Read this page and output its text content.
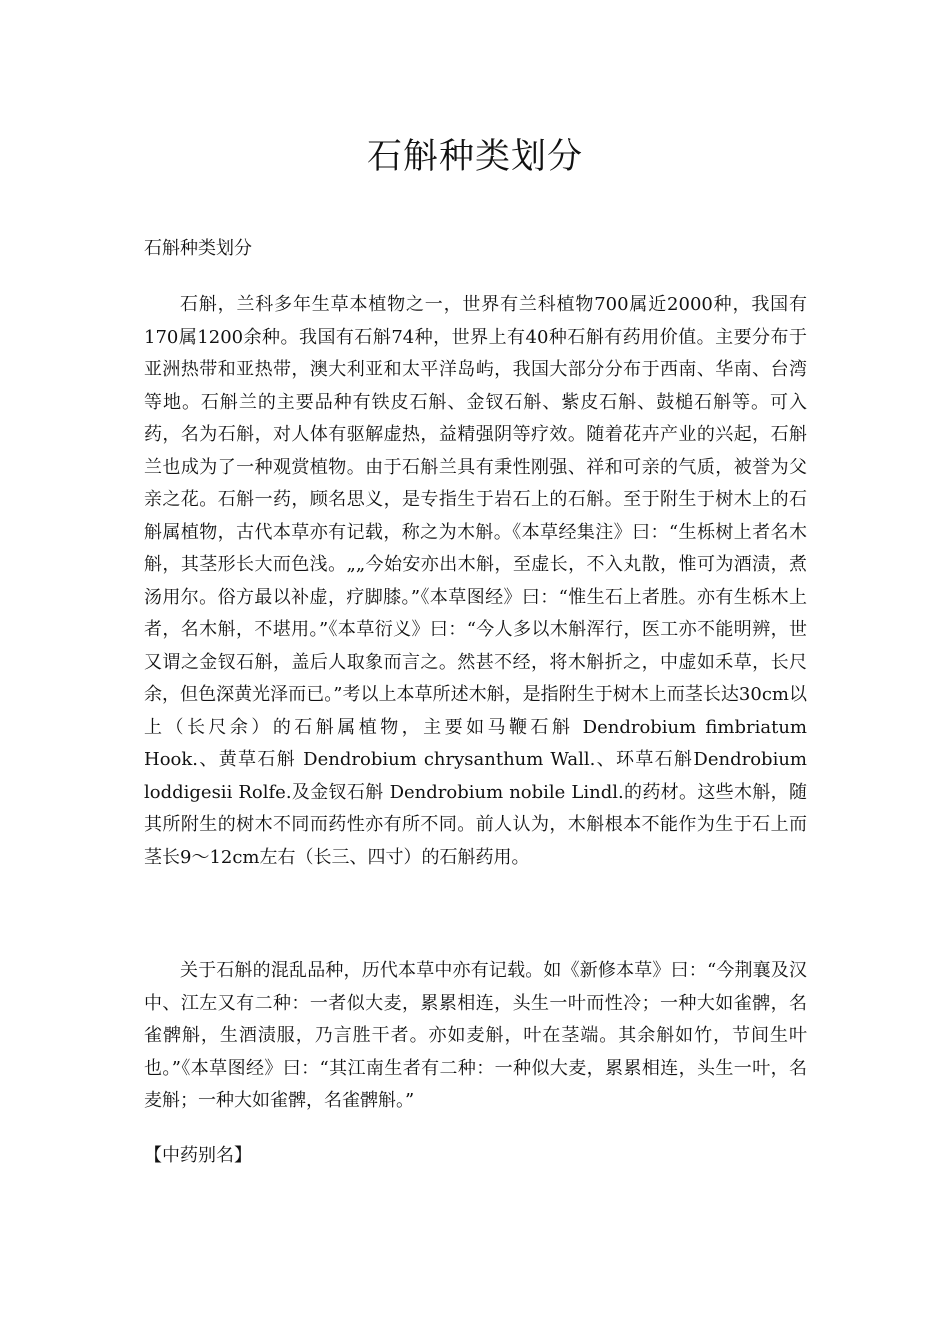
石斛种类划分
石斛种类划分

石斛，兰科多年生草本植物之一，世界有兰科植物700属近2000种，我国有170属1200余种。我国有石斛74种，世界上有40种石斛有药用价值。主要分布于亚洲热带和亚热带，澳大利亚和太平洋岛屿，我国大部分分布于西南、华南、台湾等地。石斛兰的主要品种有铁皮石斛、金钗石斛、紫皮石斛、鼓槌石斛等。可入药，名为石斛，对人体有驱解虚热，益精强阴等疗效。随着花卉产业的兴起，石斛兰也成为了一种观赏植物。由于石斛兰具有秉性刚强、祥和可亲的气质，被誉为父亲之花。石斛一药，顾名思义，是专指生于岩石上的石斛。至于附生于树木上的石斛属植物，古代本草亦有记载，称之为木斛。《本草经集注》曰：“生栎树上者名木斛，其茎形长大而色浅。„„今始安亦出木斛，至虚长，不入丸散，惟可为酒渍，煮汤用尔。俗方最以补虚，疗脚膝。”《本草图经》曰：“惟生石上者胜。亦有生栎木上者，名木斛，不堪用。”《本草衍义》曰：“今人多以木斛浑行，医工亦不能明辨，世又谓之金钗石斛，盖后人取象而言之。然甚不经，将木斛折之，中虚如禾草，长尺余，但色深黄光泽而已。”考以上本草所述木斛，是指附生于树木上而茎长达30cm以上（长尺余）的石斛属植物，主要如马鞭石斛 Dendrobium fimbriatum Hook.、黄草石斛 Dendrobium chrysanthum Wall.、环草石斛Dendrobium loddigesii Rolfe.及金钗石斛 Dendrobium nobile Lindl.的药材。这些木斛，随其所附生的树木不同而药性亦有所不同。前人认为，木斛根本不能作为生于石上而茎长9～12cm左右（长三、四寸）的石斛药用。

关于石斛的混乱品种，历代本草中亦有记载。如《新修本草》曰：“今荆襄及汉中、江左又有二种：一者似大麦，累累相连，头生一叶而性冷；一种大如雀髀，名雀髀斛，生酒渍服，乃言胜干者。亦如麦斛，叶在茎端。其余斛如竹，节间生叶也。”《本草图经》曰：“其江南生者有二种：一种似大麦，累累相连，头生一叶，名麦斛；一种大如雀髀，名雀髀斛。”

【中药别名】
